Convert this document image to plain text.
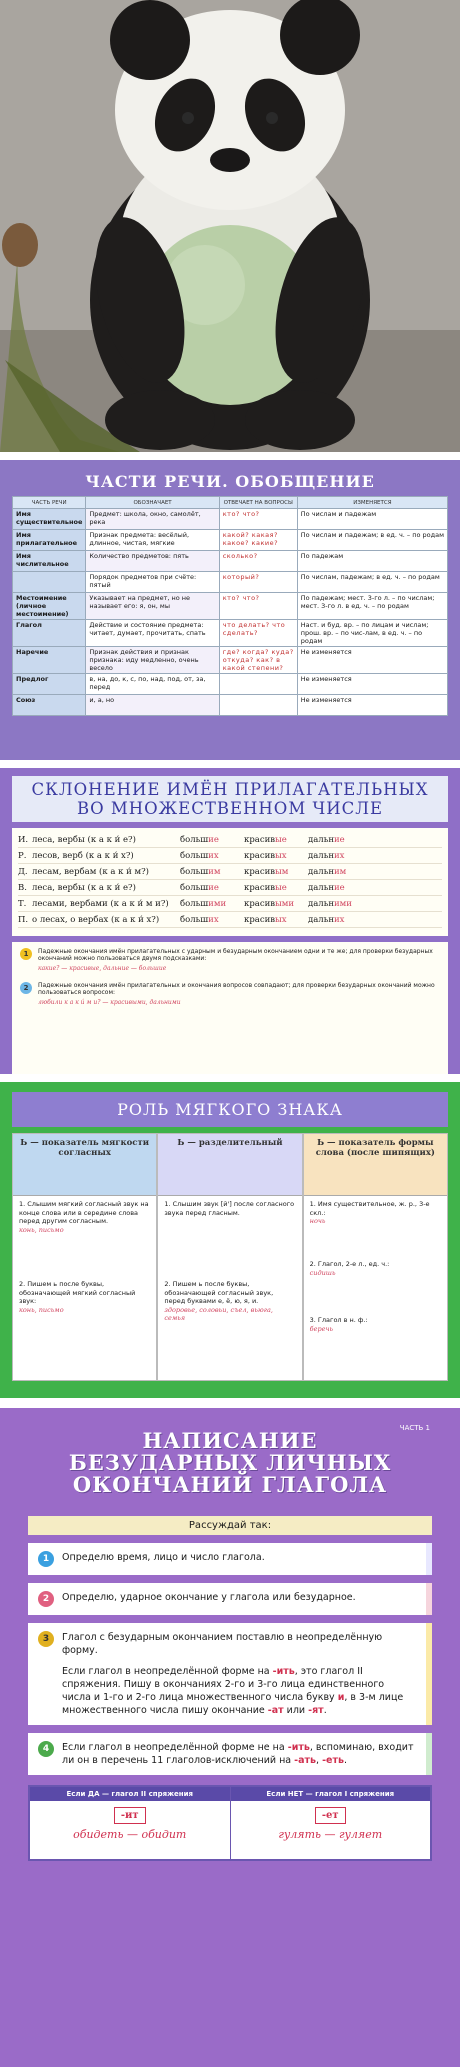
ЧАСТИ РЕЧИ. ОБОБЩЕНИЕ
ЧАСТЬ РЕЧИ	ОБОЗНАЧАЕТ	ОТВЕЧАЕТ НА ВОПРОСЫ	ИЗМЕНЯЕТСЯ
Имя существительное	Предмет: школа, окно, самолёт, река	кто? что?	По числам и падежам
Имя прилагательное	Признак предмета: весёлый, длинное, чистая, мягкие	какой? какая? какое? какие?	По числам и падежам; в ед. ч. – по родам
Имя числительное	Количество предметов: пять	сколько?	По падежам
	Порядок предметов при счёте: пятый	который?	По числам, падежам; в ед. ч. – по родам
Местоимение (личное местоимение)	Указывает на предмет, но не называет его: я, он, мы	кто? что?	По падежам; мест. 3-го л. – по числам; мест. 3-го л. в ед. ч. – по родам
Глагол	Действие и состояние предмета: читает, думает, прочитать, спать	что делать? что сделать?	Наст. и буд. вр. – по лицам и числам; прош. вр. – по чис-лам, в ед. ч. – по родам
Наречие	Признак действия и признак признака: иду медленно, очень весело	где? когда? куда? откуда? как? в какой степени?	Не изменяется
Предлог	в, на, до, к, с, по, над, под, от, за, перед		Не изменяется
Союз	и, а, но		Не изменяется
СКЛОНЕНИЕ ИМЁН ПРИЛАГАТЕЛЬНЫХ
ВО МНОЖЕСТВЕННОМ ЧИСЛЕ
И. леса, вербы (к а к и́ е?)	большие	красивые	дальние
Р. лесов, верб (к а к и́ х?)	больших	красивых	дальних
Д. лесам, вербам (к а к и́ м?)	большим	красивым	дальним
В. леса, вербы (к а к и́ е?)	большие	красивые	дальние
Т. лесами, вербами (к а к и́ м и?)	большими	красивыми	дальними
П. о лесах, о вербах (к а к и́ х?)	больших	красивых	дальних
1	Падежные окончания имён прилагательных с ударным и безударным окончанием одни и те же; для проверки безударных окончаний можно пользоваться двумя подсказками:
какие? — красивые, дальние — большие
2	Падежные окончания имён прилагательных и окончания вопросов совпадают; для проверки безударных окончаний можно пользоваться вопросом:
любили к а к и́ м и? — красивыми, дальними
РОЛЬ МЯГКОГО ЗНАКА
Ь — показатель мягкости согласных
1. Слышим мягкий согласный звук на конце слова или в середине слова перед другим согласным.
конь, письмо
2. Пишем ь после буквы, обозначающей мягкий согласный звук:
конь, письмо
Ь — разделительный
1. Слышим звук [й'] после согласного звука перед гласным.
2. Пишем ь после буквы, обозначающей согласный звук, перед буквами е, ё, ю, я, и.
здоровье, соловьи, съел, вьюга, семья
Ь — показатель формы слова (после шипящих)
1. Имя существительное, ж. р., 3-е скл.:
ночь
2. Глагол, 2-е л., ед. ч.:
сидишь
3. Глагол в н. ф.:
беречь
ЧАСТЬ 1
НАПИСАНИЕ
БЕЗУДАРНЫХ ЛИЧНЫХ
ОКОНЧАНИЙ ГЛАГОЛА
Рассуждай так:
1	Определю время, лицо и число глагола.
2	Определю, ударное окончание у глагола или безударное.
3	Глагол с безударным окончанием поставлю в неопределённую форму.
Если глагол в неопределённой форме на -ить, это глагол II спряжения. Пишу в окончаниях 2-го и 3-го лица единственного числа и 1-го и 2-го лица множественного числа букву и, в 3-м лице множественного числа пишу окончание -ат или -ят.
4	Если глагол в неопределённой форме не на -ить, вспоминаю, входит ли он в перечень 11 глаголов-исключений на -ать, -еть.
Если ДА — глагол II спряжения
-ит
обидеть — обидит
Если НЕТ — глагол I спряжения
-ет
гулять — гуляет
